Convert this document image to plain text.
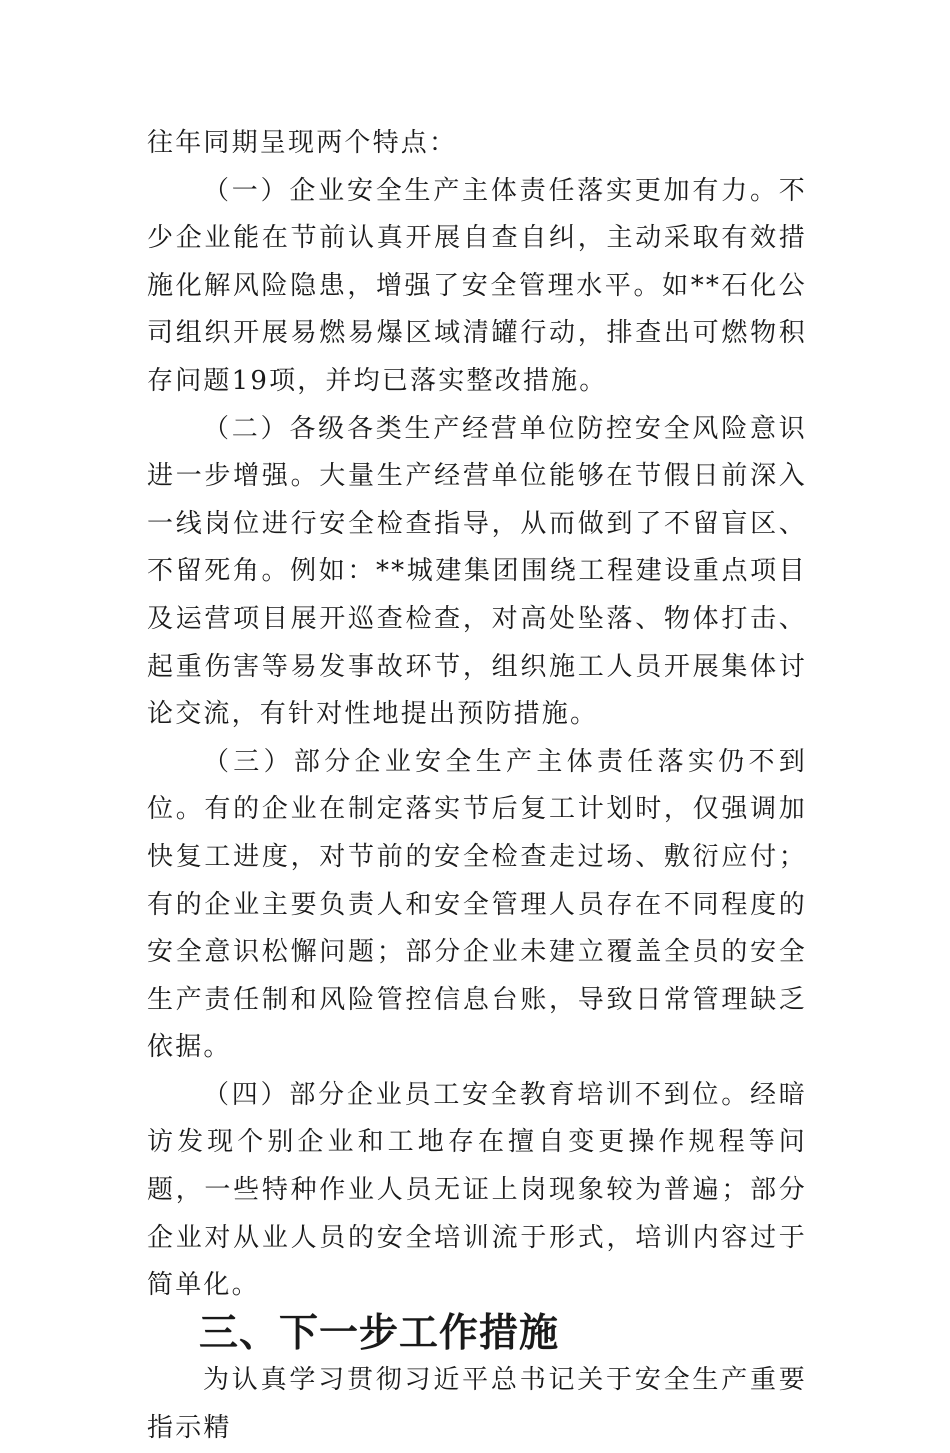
往年同期呈现两个特点：

（一）企业安全生产主体责任落实更加有力。不少企业能在节前认真开展自查自纠，主动采取有效措施化解风险隐患，增强了安全管理水平。如**石化公司组织开展易燃易爆区域清罐行动，排查出可燃物积存问题19项，并均已落实整改措施。

（二）各级各类生产经营单位防控安全风险意识进一步增强。大量生产经营单位能够在节假日前深入一线岗位进行安全检查指导，从而做到了不留盲区、不留死角。例如：**城建集团围绕工程建设重点项目及运营项目展开巡查检查，对高处坠落、物体打击、起重伤害等易发事故环节，组织施工人员开展集体讨论交流，有针对性地提出预防措施。

（三）部分企业安全生产主体责任落实仍不到位。有的企业在制定落实节后复工计划时，仅强调加快复工进度，对节前的安全检查走过场、敷衍应付；有的企业主要负责人和安全管理人员存在不同程度的安全意识松懈问题；部分企业未建立覆盖全员的安全生产责任制和风险管控信息台账，导致日常管理缺乏依据。

（四）部分企业员工安全教育培训不到位。经暗访发现个别企业和工地存在擅自变更操作规程等问题，一些特种作业人员无证上岗现象较为普遍；部分企业对从业人员的安全培训流于形式，培训内容过于简单化。

三、下一步工作措施

为认真学习贯彻习近平总书记关于安全生产重要指示精
